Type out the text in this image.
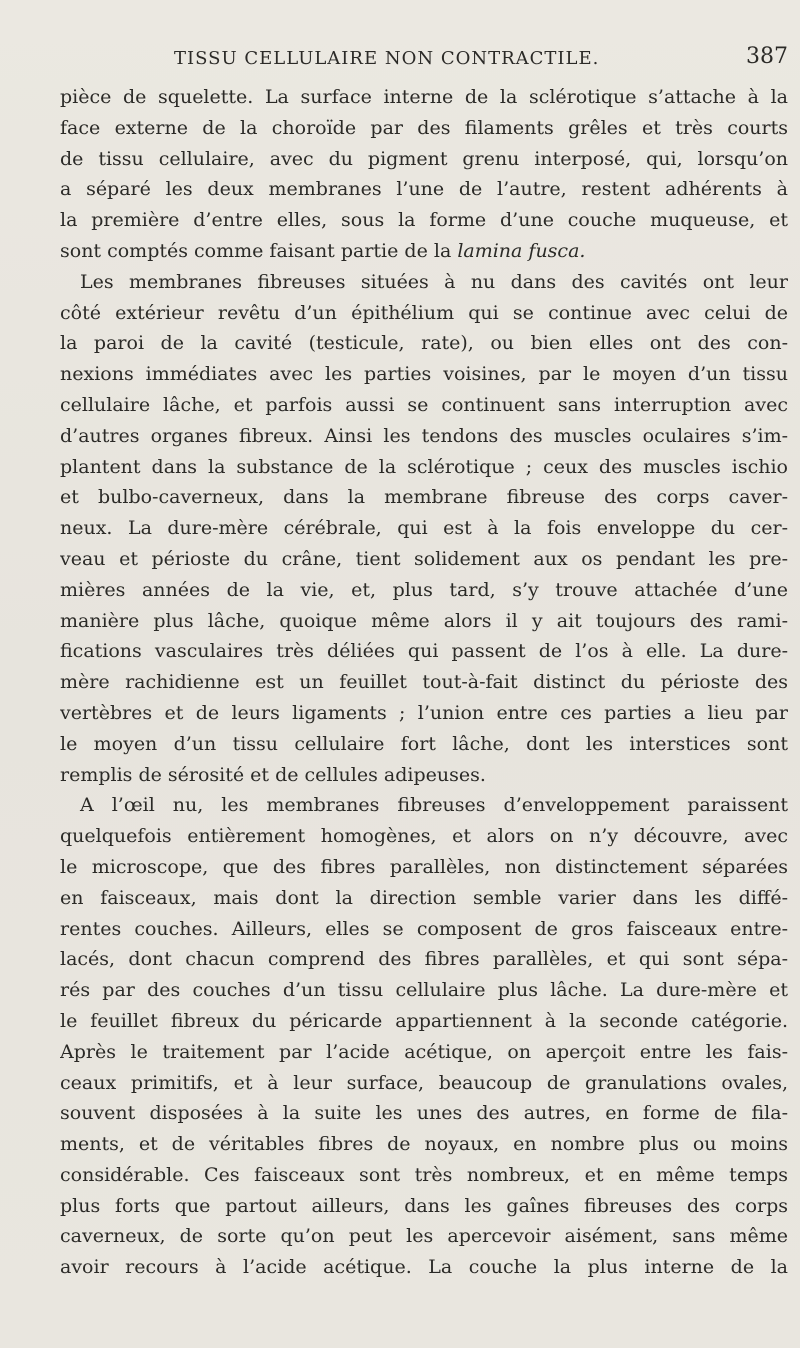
TISSU CELLULAIRE NON CONTRACTILE.	387
pièce de squelette. La surface interne de la sclérotique s’attache à la
face externe de la choroïde par des filaments grêles et très courts
de tissu cellulaire, avec du pigment grenu interposé, qui, lorsqu’on
a séparé les deux membranes l’une de l’autre, restent adhérents à
la première d’entre elles, sous la forme d’une couche muqueuse, et
sont comptés comme faisant partie de la lamina fusca.
Les membranes fibreuses situées à nu dans des cavités ont leur
côté extérieur revêtu d’un épithélium qui se continue avec celui de
la paroi de la cavité (testicule, rate), ou bien elles ont des con-
nexions immédiates avec les parties voisines, par le moyen d’un tissu
cellulaire lâche, et parfois aussi se continuent sans interruption avec
d’autres organes fibreux. Ainsi les tendons des muscles oculaires s’im-
plantent dans la substance de la sclérotique ; ceux des muscles ischio
et bulbo-caverneux, dans la membrane fibreuse des corps caver-
neux. La dure-mère cérébrale, qui est à la fois enveloppe du cer-
veau et périoste du crâne, tient solidement aux os pendant les pre-
mières années de la vie, et, plus tard, s’y trouve attachée d’une
manière plus lâche, quoique même alors il y ait toujours des rami-
fications vasculaires très déliées qui passent de l’os à elle. La dure-
mère rachidienne est un feuillet tout-à-fait distinct du périoste des
vertèbres et de leurs ligaments ; l’union entre ces parties a lieu par
le moyen d’un tissu cellulaire fort lâche, dont les interstices sont
remplis de sérosité et de cellules adipeuses.
A l’œil nu, les membranes fibreuses d’enveloppement paraissent
quelquefois entièrement homogènes, et alors on n’y découvre, avec
le microscope, que des fibres parallèles, non distinctement séparées
en faisceaux, mais dont la direction semble varier dans les diffé-
rentes couches. Ailleurs, elles se composent de gros faisceaux entre-
lacés, dont chacun comprend des fibres parallèles, et qui sont sépa-
rés par des couches d’un tissu cellulaire plus lâche. La dure-mère et
le feuillet fibreux du péricarde appartiennent à la seconde catégorie.
Après le traitement par l’acide acétique, on aperçoit entre les fais-
ceaux primitifs, et à leur surface, beaucoup de granulations ovales,
souvent disposées à la suite les unes des autres, en forme de fila-
ments, et de véritables fibres de noyaux, en nombre plus ou moins
considérable. Ces faisceaux sont très nombreux, et en même temps
plus forts que partout ailleurs, dans les gaînes fibreuses des corps
caverneux, de sorte qu’on peut les apercevoir aisément, sans même
avoir recours à l’acide acétique. La couche la plus interne de la
